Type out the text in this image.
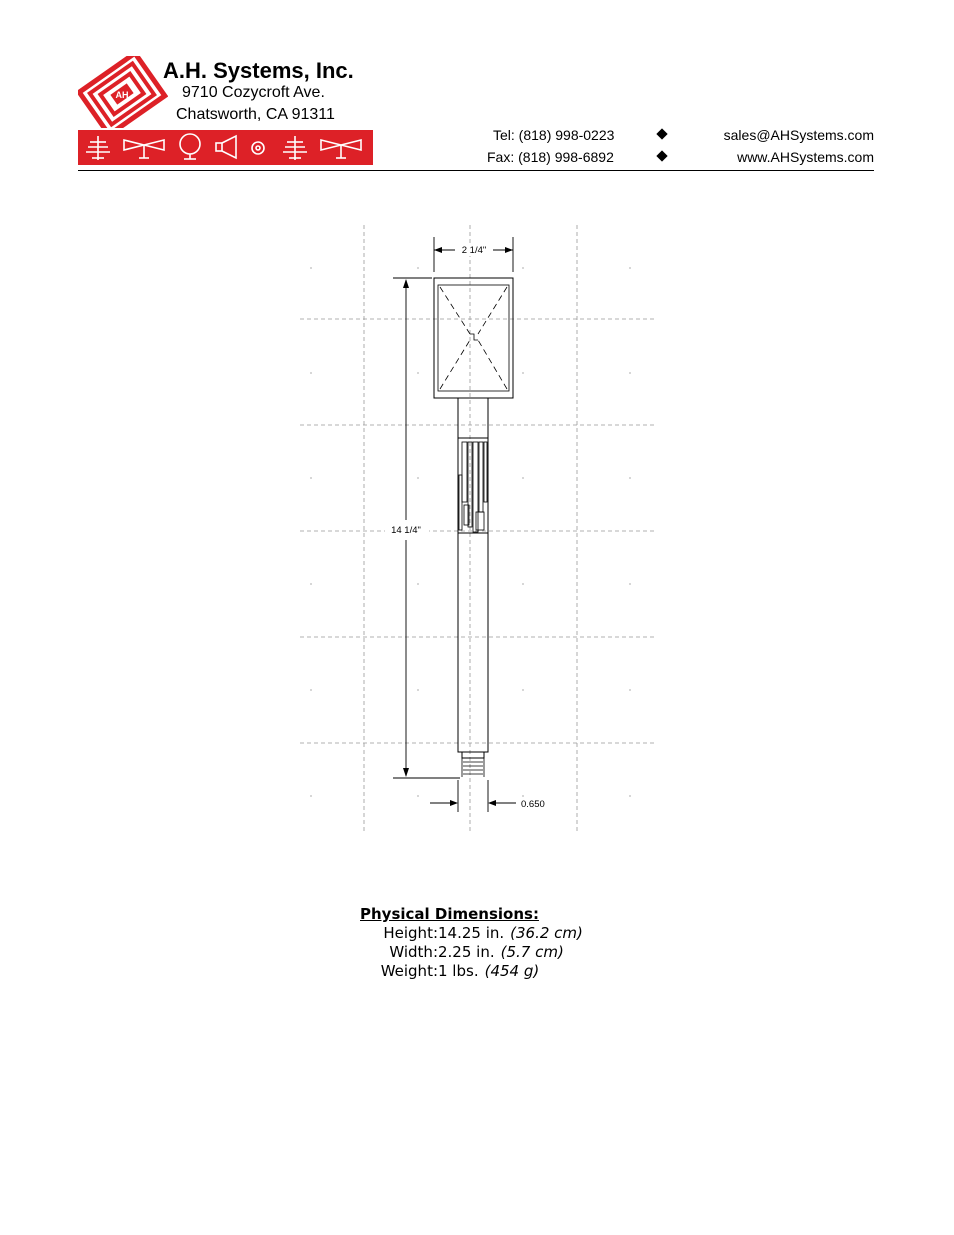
AH
A.H. Systems, Inc.
9710 Cozycroft Ave.
Chatsworth, CA 91311
Tel: (818) 998-0223
Fax: (818) 998-6892
sales@AHSystems.com
www.AHSystems.com
2 1/4"
14 1/4"
0.650
Physical Dimensions:
Height: 14.25 in. (36.2 cm)
Width: 2.25 in. (5.7 cm)
Weight: 1 lbs. (454 g)
